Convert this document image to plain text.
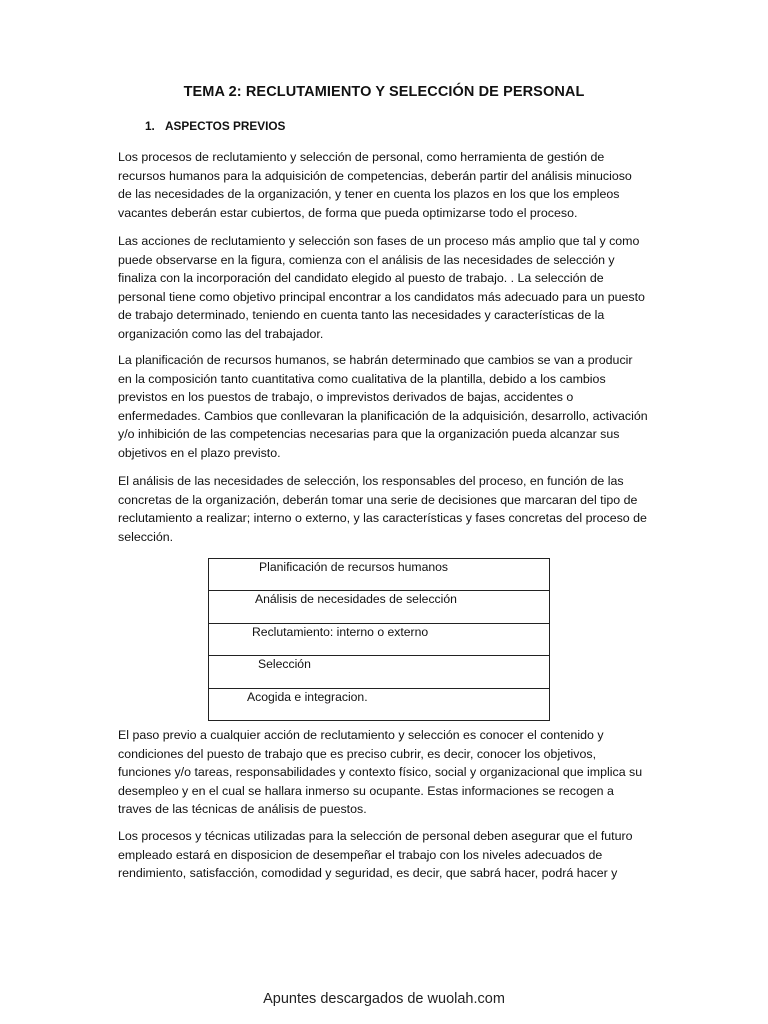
TEMA 2: RECLUTAMIENTO Y SELECCIÓN DE PERSONAL
1. ASPECTOS PREVIOS

Los procesos de reclutamiento y selección de personal, como herramienta de gestión de recursos humanos para la adquisición de competencias, deberán partir del análisis minucioso de las necesidades de la organización, y tener en cuenta los plazos en los que los empleos vacantes deberán estar cubiertos, de forma que pueda optimizarse todo el proceso.

Las acciones de reclutamiento y selección son fases de un proceso más amplio que tal y como puede observarse en la figura, comienza con el análisis de las necesidades de selección y finaliza con la incorporación del candidato elegido al puesto de trabajo. . La selección de personal tiene como objetivo principal encontrar a los candidatos más adecuado para un puesto de trabajo determinado, teniendo en cuenta tanto las necesidades y características de la organización como las del trabajador.

La planificación de recursos humanos, se habrán determinado que cambios se van a producir en la composición tanto cuantitativa como cualitativa de la plantilla, debido a los cambios previstos en los puestos de trabajo, o imprevistos derivados de bajas, accidentes o enfermedades. Cambios que conllevaran la planificación de la adquisición, desarrollo, activación y/o inhibición de las competencias necesarias para que la organización pueda alcanzar sus objetivos en el plazo previsto.

El análisis de las necesidades de selección, los responsables del proceso, en función de las concretas de la organización, deberán tomar una serie de decisiones que marcaran del tipo de reclutamiento a realizar; interno o externo, y las características y fases concretas del proceso de selección.

El paso previo a cualquier acción de reclutamiento y selección es conocer el contenido y condiciones del puesto de trabajo que es preciso cubrir, es decir, conocer los objetivos, funciones y/o tareas, responsabilidades y contexto físico, social y organizacional que implica su desempleo y en el cual se hallara inmerso su ocupante. Estas informaciones se recogen a traves de las técnicas de análisis de puestos.

Los procesos y técnicas utilizadas para la selección de personal deben asegurar que el futuro empleado estará en disposicion de desempeñar el trabajo con los niveles adecuados de rendimiento, satisfacción, comodidad y seguridad, es decir, que sabrá hacer, podrá hacer y

Planificación de recursos humanos
Análisis de necesidades de selección
Reclutamiento: interno o externo
Selección
Acogida e integracion.
Apuntes descargados de wuolah.com
